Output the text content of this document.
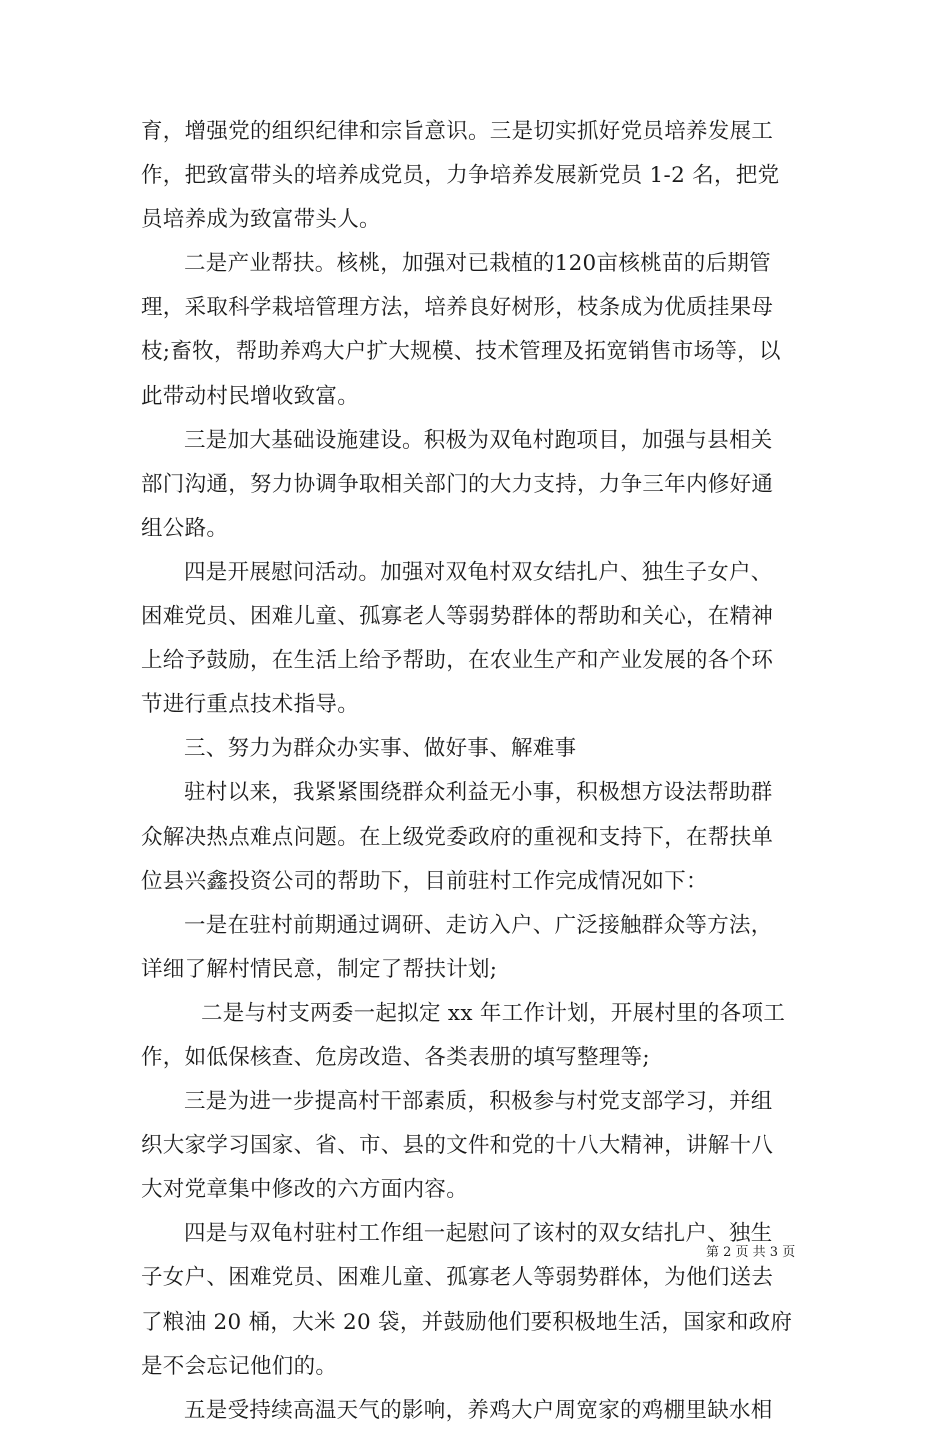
育，增强党的组织纪律和宗旨意识。三是切实抓好党员培养发展工
作，把致富带头的培养成党员，力争培养发展新党员 1-2 名，把党
员培养成为致富带头人。
二是产业帮扶。核桃，加强对已栽植的120亩核桃苗的后期管
理，采取科学栽培管理方法，培养良好树形，枝条成为优质挂果母
枝;畜牧，帮助养鸡大户扩大规模、技术管理及拓宽销售市场等，以
此带动村民增收致富。
三是加大基础设施建设。积极为双龟村跑项目，加强与县相关
部门沟通，努力协调争取相关部门的大力支持，力争三年内修好通
组公路。
四是开展慰问活动。加强对双龟村双女结扎户、独生子女户、
困难党员、困难儿童、孤寡老人等弱势群体的帮助和关心，在精神
上给予鼓励，在生活上给予帮助，在农业生产和产业发展的各个环
节进行重点技术指导。
三、努力为群众办实事、做好事、解难事
驻村以来，我紧紧围绕群众利益无小事，积极想方设法帮助群
众解决热点难点问题。在上级党委政府的重视和支持下，在帮扶单
位县兴鑫投资公司的帮助下，目前驻村工作完成情况如下：
一是在驻村前期通过调研、走访入户、广泛接触群众等方法，
详细了解村情民意，制定了帮扶计划;
二是与村支两委一起拟定 xx 年工作计划，开展村里的各项工
作，如低保核查、危房改造、各类表册的填写整理等;
三是为进一步提高村干部素质，积极参与村党支部学习，并组
织大家学习国家、省、市、县的文件和党的十八大精神，讲解十八
大对党章集中修改的六方面内容。
四是与双龟村驻村工作组一起慰问了该村的双女结扎户、独生
子女户、困难党员、困难儿童、孤寡老人等弱势群体，为他们送去
了粮油 20 桶，大米 20 袋，并鼓励他们要积极地生活，国家和政府
是不会忘记他们的。
五是受持续高温天气的影响，养鸡大户周宽家的鸡棚里缺水相
第 2 页 共 3 页
